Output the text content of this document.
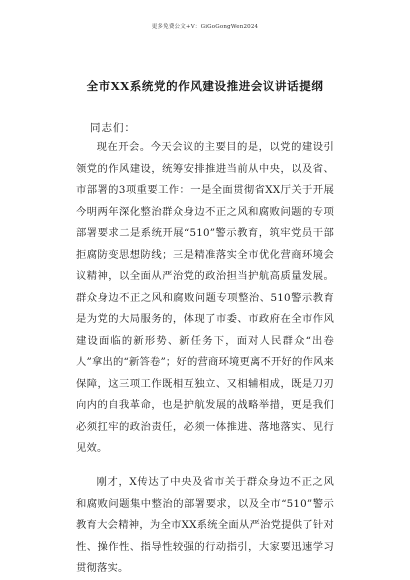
更多免费公文+V：GiGoGongWen2024
全市XX系统党的作风建设推进会议讲话提纲
同志们：

现在开会。今天会议的主要目的是，以党的建设引领党的作风建设，统筹安排推进当前从中央，以及省、市部署的3项重要工作：一是全面贯彻省XX厅关于开展今明两年深化整治群众身边不正之风和腐败问题的专项部署要求二是系统开展“510”警示教育，筑牢党员干部拒腐防变思想防线；三是精准落实全市优化营商环境会议精神，以全面从严治党的政治担当护航高质量发展。群众身边不正之风和腐败问题专项整治、510警示教育是为党的大局服务的，体现了市委、市政府在全市作风建设面临的新形势、新任务下，面对人民群众“出卷人”拿出的“新答卷”；好的营商环境更离不开好的作风来保障，这三项工作既相互独立、又相辅相成，既是刀刃向内的自我革命，也是护航发展的战略举措，更是我们必须扛牢的政治责任，必须一体推进、落地落实、见行见效。

刚才，X传达了中央及省市关于群众身边不正之风和腐败问题集中整治的部署要求，以及全市“510”警示教育大会精神，为全市XX系统全面从严治党提供了针对性、操作性、指导性较强的行动指引，大家要迅速学习贯彻落实。
